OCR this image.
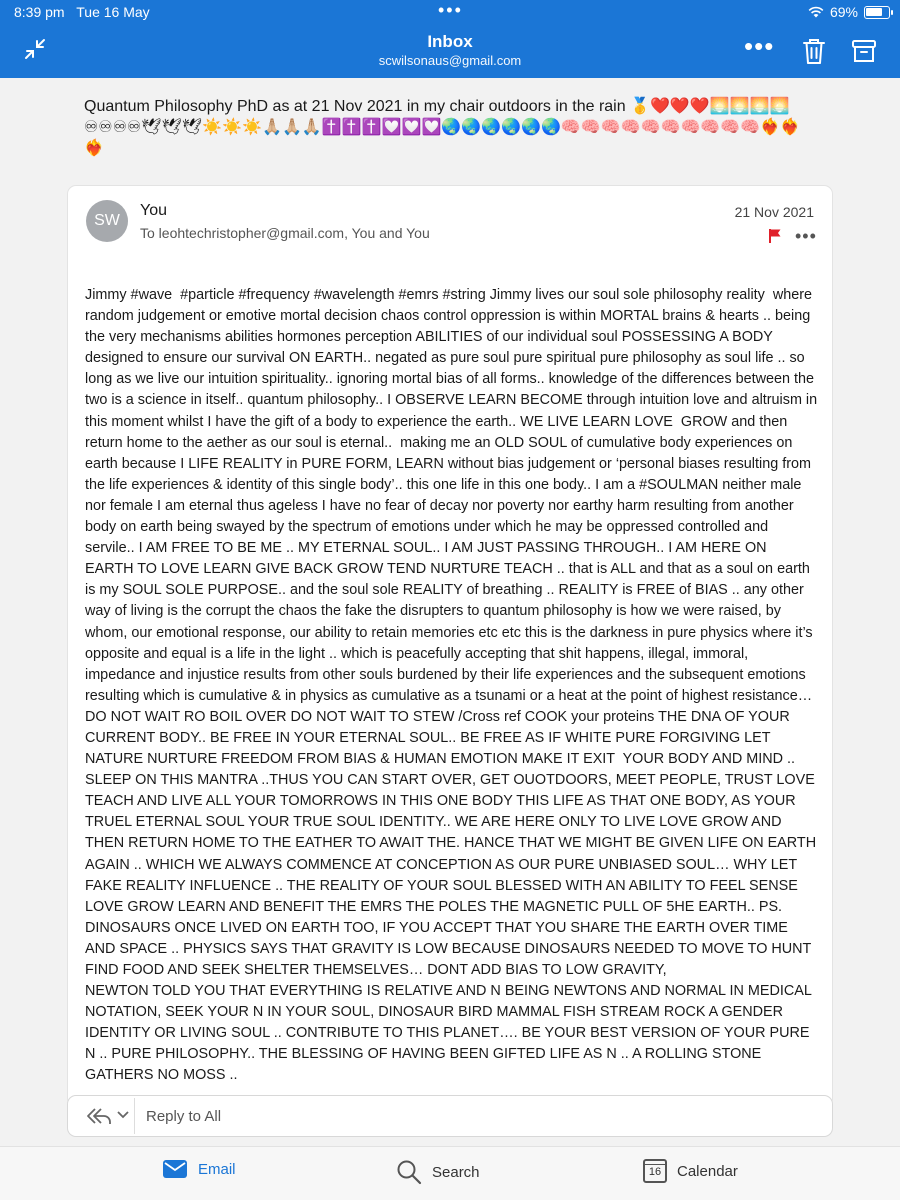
8:39 pm Tue 16 May	•••	69%
Inbox
scwilsonaus@gmail.com	•••
Quantum Philosophy PhD as at 21 Nov 2021 in my chair outdoors in the rain 🥇❤️❤️❤️🌅🌅🌅🌅♾♾♾♾🕊🕊🕊☀️☀️☀️🙏🏼🙏🏼🙏🏼✝️✝️✝️💟💟💟🌏🌏🌏🌏🌏🌏🧠🧠🧠🧠🧠🧠🧠🧠🧠🧠❤️‍🔥❤️‍🔥❤️‍🔥
SW
You
To leohtechristopher@gmail.com, You and You
21 Nov 2021
•••
Jimmy #wave  #particle #frequency #wavelength #emrs #string Jimmy lives our soul sole philosophy reality  where  random judgement or emotive mortal decision chaos control oppression is within MORTAL brains & hearts .. being the very mechanisms abilities hormones perception ABILITIES of our individual soul POSSESSING A BODY designed to ensure our survival ON EARTH.. negated as pure soul pure spiritual pure philosophy as soul life .. so long as we live our intuition spirituality.. ignoring mortal bias of all forms.. knowledge of the differences between the two is a science in itself.. quantum philosophy.. I OBSERVE LEARN BECOME through intuition love and altruism in this moment whilst I have the gift of a body to experience the earth.. WE LIVE LEARN LOVE  GROW and then return home to the aether as our soul is eternal..  making me an OLD SOUL of cumulative body experiences on earth because I LIFE REALITY in PURE FORM, LEARN without bias judgement or ‘personal biases resulting from the life experiences & identity of this single body’.. this one life in this one body.. I am a #SOULMAN neither male nor female I am eternal thus ageless I have no fear of decay nor poverty nor earthy harm resulting from another body on earth being swayed by the spectrum of emotions under which he may be oppressed controlled and servile.. I AM FREE TO BE ME .. MY ETERNAL SOUL.. I AM JUST PASSING THROUGH.. I AM HERE ON EARTH TO LOVE LEARN GIVE BACK GROW TEND NURTURE TEACH .. that is ALL and that as a soul on earth is my SOUL SOLE PURPOSE.. and the soul sole REALITY of breathing .. REALITY is FREE of BIAS .. any other way of living is the corrupt the chaos the fake the disrupters to quantum philosophy is how we were raised, by whom, our emotional response, our ability to retain memories etc etc this is the darkness in pure physics where it’s opposite and equal is a life in the light .. which is peacefully accepting that shit happens, illegal, immoral, impedance and injustice results from other souls burdened by their life experiences and the subsequent emotions resulting which is cumulative & in physics as cumulative as a tsunami or a heat at the point of highest resistance… DO NOT WAIT RO BOIL OVER DO NOT WAIT TO STEW /Cross ref COOK your proteins THE DNA OF YOUR CURRENT BODY.. BE FREE IN YOUR ETERNAL SOUL.. BE FREE AS IF WHITE PURE FORGIVING LET NATURE NURTURE FREEDOM FROM BIAS & HUMAN EMOTION MAKE IT EXIT  YOUR BODY AND MIND .. SLEEP ON THIS MANTRA ..THUS YOU CAN START OVER, GET OUOTDOORS, MEET PEOPLE, TRUST LOVE TEACH AND LIVE ALL YOUR TOMORROWS IN THIS ONE BODY THIS LIFE AS THAT ONE BODY, AS YOUR TRUEL ETERNAL SOUL YOUR TRUE SOUL IDENTITY.. WE ARE HERE ONLY TO LIVE LOVE GROW AND THEN RETURN HOME TO THE EATHER TO AWAIT THE. HANCE THAT WE MIGHT BE GIVEN LIFE ON EARTH AGAIN .. WHICH WE ALWAYS COMMENCE AT CONCEPTION AS OUR PURE UNBIASED SOUL… WHY LET FAKE REALITY INFLUENCE .. THE REALITY OF YOUR SOUL BLESSED WITH AN ABILITY TO FEEL SENSE LOVE GROW LEARN AND BENEFIT THE EMRS THE POLES THE MAGNETIC PULL OF 5HE EARTH.. PS. DINOSAURS ONCE LIVED ON EARTH TOO, IF YOU ACCEPT THAT YOU SHARE THE EARTH OVER TIME AND SPACE .. PHYSICS SAYS THAT GRAVITY IS LOW BECAUSE DINOSAURS NEEDED TO MOVE TO HUNT FIND FOOD AND SEEK SHELTER THEMSELVES… DONT ADD BIAS TO LOW GRAVITY,
NEWTON TOLD YOU THAT EVERYTHING IS RELATIVE AND N BEING NEWTONS AND NORMAL IN MEDICAL NOTATION, SEEK YOUR N IN YOUR SOUL, DINOSAUR BIRD MAMMAL FISH STREAM ROCK A GENDER IDENTITY OR LIVING SOUL .. CONTRIBUTE TO THIS PLANET…. BE YOUR BEST VERSION OF YOUR PURE N .. PURE PHILOSOPHY.. THE BLESSING OF HAVING BEEN GIFTED LIFE AS N .. A ROLLING STONE GATHERS NO MOSS ..
Reply to All
Email	Search	16 Calendar
